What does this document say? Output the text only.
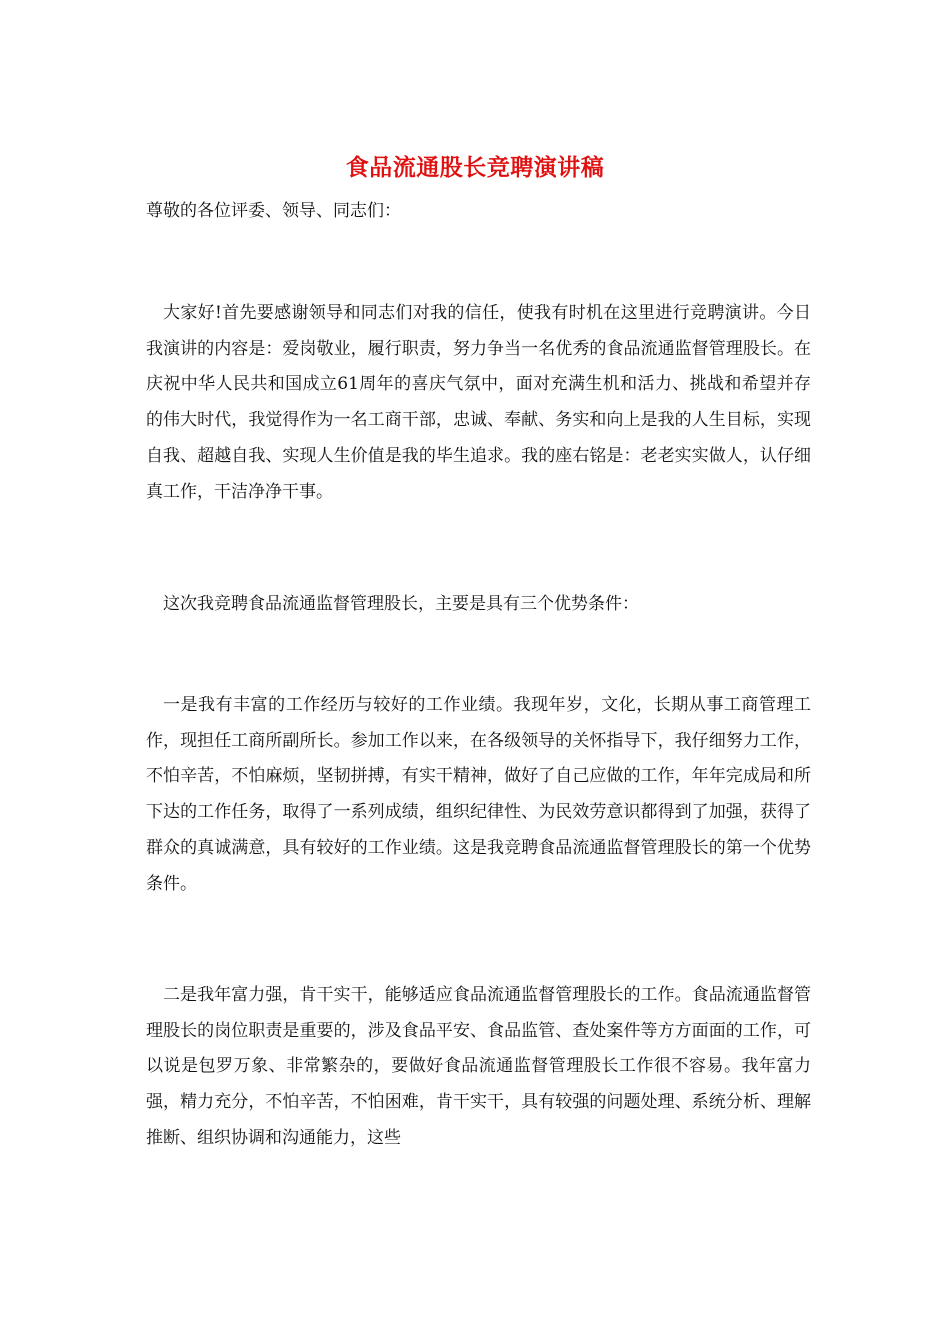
食品流通股长竞聘演讲稿
尊敬的各位评委、领导、同志们：

大家好!首先要感谢领导和同志们对我的信任，使我有时机在这里进行竞聘演讲。今日我演讲的内容是：爱岗敬业，履行职责，努力争当一名优秀的食品流通监督管理股长。在庆祝中华人民共和国成立61周年的喜庆气氛中，面对充满生机和活力、挑战和希望并存的伟大时代，我觉得作为一名工商干部，忠诚、奉献、务实和向上是我的人生目标，实现自我、超越自我、实现人生价值是我的毕生追求。我的座右铭是：老老实实做人，认仔细真工作，干洁净净干事。

这次我竞聘食品流通监督管理股长，主要是具有三个优势条件：

一是我有丰富的工作经历与较好的工作业绩。我现年岁，文化，长期从事工商管理工作，现担任工商所副所长。参加工作以来，在各级领导的关怀指导下，我仔细努力工作，不怕辛苦，不怕麻烦，坚韧拼搏，有实干精神，做好了自己应做的工作，年年完成局和所下达的工作任务，取得了一系列成绩，组织纪律性、为民效劳意识都得到了加强，获得了群众的真诚满意，具有较好的工作业绩。这是我竞聘食品流通监督管理股长的第一个优势条件。

二是我年富力强，肯干实干，能够适应食品流通监督管理股长的工作。食品流通监督管理股长的岗位职责是重要的，涉及食品平安、食品监管、查处案件等方方面面的工作，可以说是包罗万象、非常繁杂的，要做好食品流通监督管理股长工作很不容易。我年富力强，精力充分，不怕辛苦，不怕困难，肯干实干，具有较强的问题处理、系统分析、理解推断、组织协调和沟通能力，这些
